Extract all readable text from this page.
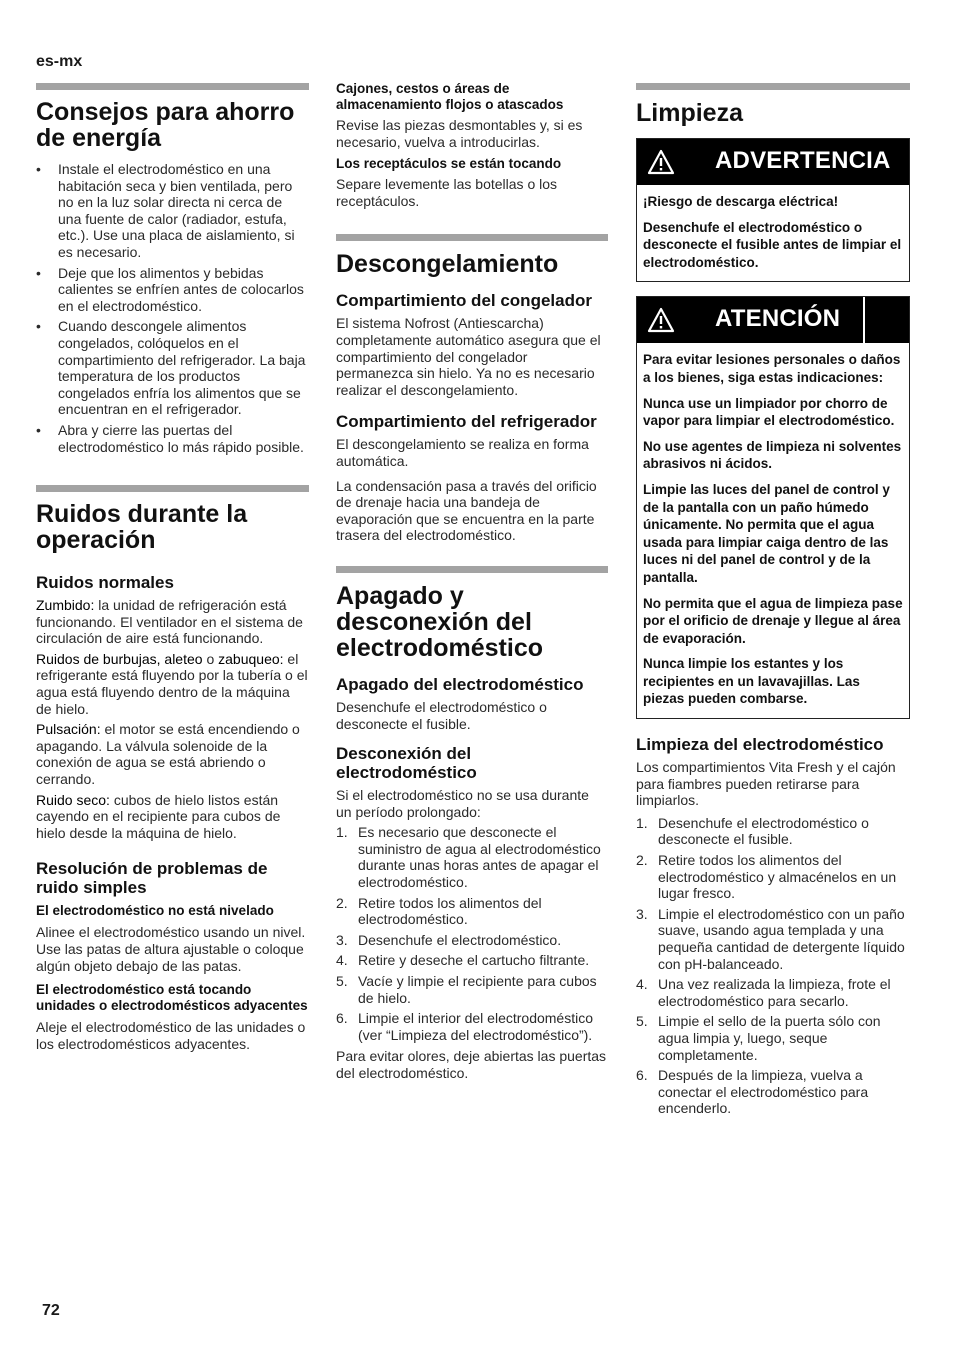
es-mx
Consejos para ahorro
de energía
• Instale el electrodoméstico en una habitación seca y bien ventilada, pero no en la luz solar directa ni cerca de una fuente de calor (radiador, estufa, etc.). Use una placa de aislamiento, si es necesario.
• Deje que los alimentos y bebidas calientes se enfríen antes de colocarlos en el electrodoméstico.
• Cuando descongele alimentos congelados, colóquelos en el compartimiento del refrigerador. La baja temperatura de los productos congelados enfría los alimentos que se encuentran en el refrigerador.
• Abra y cierre las puertas del electrodoméstico lo más rápido posible.
Ruidos durante la
operación
Ruidos normales

Zumbido: la unidad de refrigeración está funcionando. El ventilador en el sistema de circulación de aire está funcionando.

Ruidos de burbujas, aleteo o zabuqueo: el refrigerante está fluyendo por la tubería o el agua está fluyendo dentro de la máquina de hielo.

Pulsación: el motor se está encendiendo o apagando. La válvula solenoide de la conexión de agua se está abriendo o cerrando.

Ruido seco: cubos de hielo listos están cayendo en el recipiente para cubos de hielo desde la máquina de hielo.

Resolución de problemas de ruido simples
El electrodoméstico no está nivelado

Alinee el electrodoméstico usando un nivel. Use las patas de altura ajustable o coloque algún objeto debajo de las patas.

El electrodoméstico está tocando unidades o electrodomésticos adyacentes

Aleje el electrodoméstico de las unidades o los electrodomésticos adyacentes.

Cajones, cestos o áreas de almacenamiento flojos o atascados

Revise las piezas desmontables y, si es necesario, vuelva a introducirlas.

Los receptáculos se están tocando

Separe levemente las botellas o los receptáculos.

Descongelamiento
Compartimiento del congelador

El sistema Nofrost (Antiescarcha) completamente automático asegura que el compartimiento del congelador permanezca sin hielo. Ya no es necesario realizar el descongelamiento.

Compartimiento del refrigerador

El descongelamiento se realiza en forma automática.

La condensación pasa a través del orificio de drenaje hacia una bandeja de evaporación que se encuentra en la parte trasera del electrodoméstico.

Apagado y
desconexión del
electrodoméstico
Apagado del electrodoméstico

Desenchufe el electrodoméstico o desconecte el fusible.

Desconexión del electrodoméstico

Si el electrodoméstico no se usa durante un período prolongado:

1. Es necesario que desconecte el suministro de agua al electrodoméstico durante unas horas antes de apagar el electrodoméstico.
2. Retire todos los alimentos del electrodoméstico.
3. Desenchufe el electrodoméstico.
4. Retire y deseche el cartucho filtrante.
5. Vacíe y limpie el recipiente para cubos de hielo.
6. Limpie el interior del electrodoméstico (ver “Limpieza del electrodoméstico”).

Para evitar olores, deje abiertas las puertas del electrodoméstico.

Limpieza
ADVERTENCIA

¡Riesgo de descarga eléctrica!

Desenchufe el electrodoméstico o desconecte el fusible antes de limpiar el electrodoméstico.

ATENCIÓN

Para evitar lesiones personales o daños a los bienes, siga estas indicaciones:

Nunca use un limpiador por chorro de vapor para limpiar el electrodoméstico.

No use agentes de limpieza ni solventes abrasivos ni ácidos.

Limpie las luces del panel de control y de la pantalla con un paño húmedo únicamente. No permita que el agua usada para limpiar caiga dentro de las luces ni del panel de control y de la pantalla.

No permita que el agua de limpieza pase por el orificio de drenaje y llegue al área de evaporación.

Nunca limpie los estantes y los recipientes en un lavavajillas. Las piezas pueden combarse.

Limpieza del electrodoméstico

Los compartimientos Vita Fresh y el cajón para fiambres pueden retirarse para limpiarlos.

1. Desenchufe el electrodoméstico o desconecte el fusible.
2. Retire todos los alimentos del electrodoméstico y almacénelos en un lugar fresco.
3. Limpie el electrodoméstico con un paño suave, usando agua templada y una pequeña cantidad de detergente líquido con pH-balanceado.
4. Una vez realizada la limpieza, frote el electrodoméstico para secarlo.
5. Limpie el sello de la puerta sólo con agua limpia y, luego, seque completamente.
6. Después de la limpieza, vuelva a conectar el electrodoméstico para encenderlo.
72
